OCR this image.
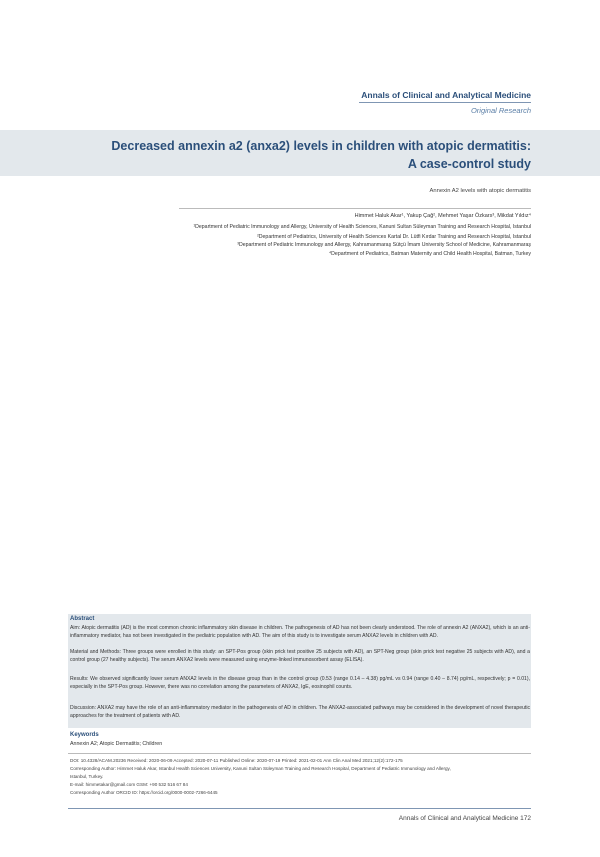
Annals of Clinical and Analytical Medicine
Original Research
Decreased annexin a2 (anxa2) levels in children with atopic dermatitis:
A case-control study
Annexin A2 levels with atopic dermatitis
Himmet Haluk Akar¹, Yakup Çağ², Mehmet Yaşar Özkars³, Mikdat Yıldız⁴
¹Department of Pediatric Immunology and Allergy, University of Health Sciences, Kanuni Sultan Süleyman Training and Research Hospital, Istanbul
²Department of Pediatrics, University of Health Sciences Kartal Dr. Lütfi Kırdar Training and Research Hospital, Istanbul
³Department of Pediatric Immunology and Allergy, Kahramanmaraş Sütçü İmam University School of Medicine, Kahramanmaraş
⁴Department of Pediatrics, Batman Maternity and Child Health Hospital, Batman, Turkey
Abstract
Aim: Atopic dermatitis (AD) is the most common chronic inflammatory skin disease in children. The pathogenesis of AD has not been clearly understood. The role of annexin A2 (ANXA2), which is an anti-inflammatory mediator, has not been investigated in the pediatric population with AD. The aim of this study is to investigate serum ANXA2 levels in children with AD.
Material and Methods: Three groups were enrolled in this study: an SPT-Pos group (skin prick test positive 25 subjects with AD), an SPT-Neg group (skin prick test negative 25 subjects with AD), and a control group (27 healthy subjects). The serum ANXA2 levels were measured using enzyme-linked immunosorbent assay (ELISA).
Results: We observed significantly lower serum ANXA2 levels in the disease group than in the control group (0.53 (range 0.14 – 4.38) pg/mL vs 0.94 (range 0.40 – 8.74) pg/mL, respectively; p = 0.01), especially in the SPT-Pos group. However, there was no correlation among the parameters of ANXA2, IgE, eosinophil counts.
Discussion: ANXA2 may have the role of an anti-inflammatory mediator in the pathogenesis of AD in children. The ANXA2-associated pathways may be considered in the development of novel therapeutic approaches for the treatment of patients with AD.
Keywords
Annexin A2; Atopic Dermatitis; Children
DOI: 10.4328/ACAM.20236 Received: 2020-06-09 Accepted: 2020-07-11 Published Online: 2020-07-19 Printed: 2021-02-01 Ann Clin Anal Med 2021;12(2):172-175
Corresponding Author: Himmet Haluk Akar, Istanbul Health Sciences University, Kanuni Sultan Süleyman Training and Research Hospital, Department of Pediatric Immunology and Allergy,
Istanbul, Turkey.
E-mail: himmetakar@gmail.com GSM: +90 532 516 67 84
Corresponding Author ORCID ID: https://orcid.org/0000-0002-7266-6445
Annals of Clinical and Analytical Medicine 172
